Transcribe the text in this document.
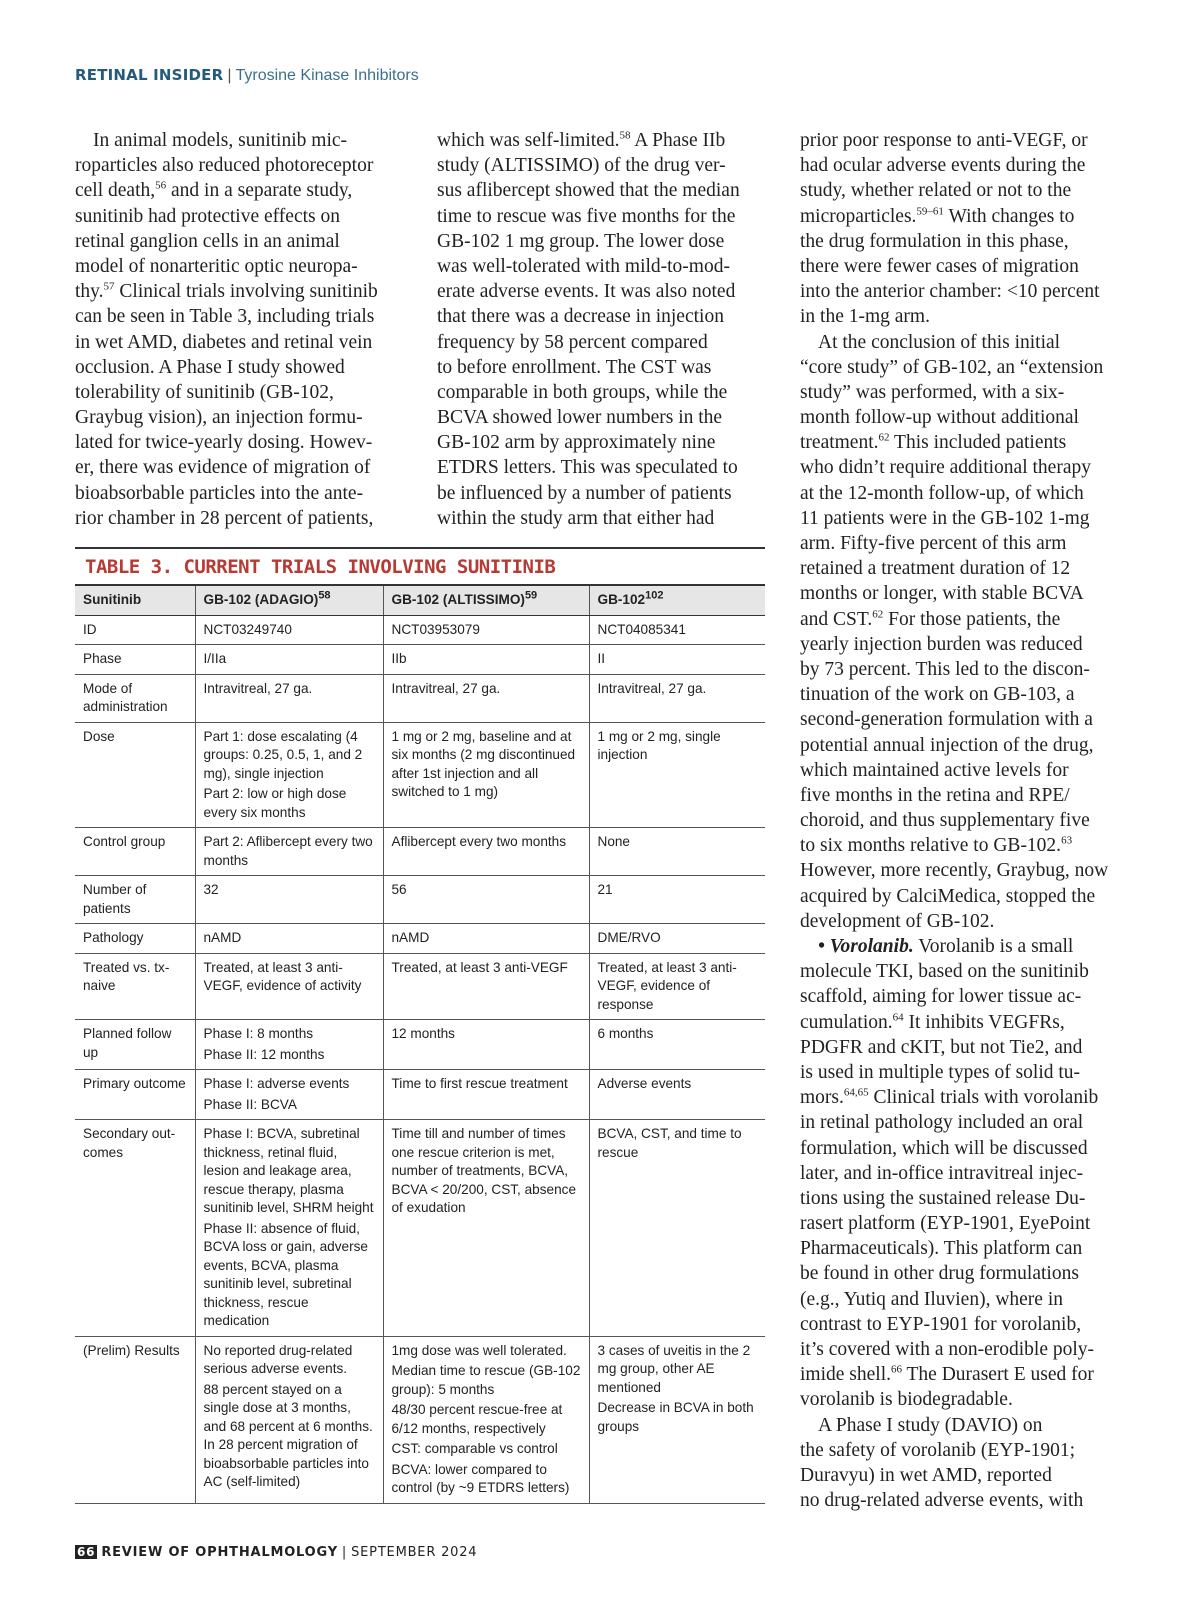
RETINAL INSIDER | Tyrosine Kinase Inhibitors
In animal models, sunitinib mic-
roparticles also reduced photoreceptor
cell death,$^{56}$ and in a separate study,
sunitinib had protective effects on
retinal ganglion cells in an animal
model of nonarteritic optic neuropa-
thy.$^{57}$ Clinical trials involving sunitinib
can be seen in Table 3, including trials
in wet AMD, diabetes and retinal vein
occlusion. A Phase I study showed
tolerability of sunitinib (GB-102,
Graybug vision), an injection formu-
lated for twice-yearly dosing. Howev-
er, there was evidence of migration of
bioabsorbable particles into the ante-
rior chamber in 28 percent of patients,
which was self-limited.$^{58}$ A Phase IIb
study (ALTISSIMO) of the drug ver-
sus aflibercept showed that the median
time to rescue was five months for the
GB-102 1 mg group. The lower dose
was well-tolerated with mild-to-mod-
erate adverse events. It was also noted
that there was a decrease in injection
frequency by 58 percent compared
to before enrollment. The CST was
comparable in both groups, while the
BCVA showed lower numbers in the
GB-102 arm by approximately nine
ETDRS letters. This was speculated to
be influenced by a number of patients
within the study arm that either had
prior poor response to anti-VEGF, or
had ocular adverse events during the
study, whether related or not to the
microparticles.$^{59-61}$ With changes to
the drug formulation in this phase,
there were fewer cases of migration
into the anterior chamber: <10 percent
in the 1-mg arm.
At the conclusion of this initial
“core study” of GB-102, an “extension
study” was performed, with a six-
month follow-up without additional
treatment.$^{62}$ This included patients
who didn’t require additional therapy
at the 12-month follow-up, of which
11 patients were in the GB-102 1-mg
arm. Fifty-five percent of this arm
retained a treatment duration of 12
months or longer, with stable BCVA
and CST.$^{62}$ For those patients, the
yearly injection burden was reduced
by 73 percent. This led to the discon-
tinuation of the work on GB-103, a
second-generation formulation with a
potential annual injection of the drug,
which maintained active levels for
five months in the retina and RPE/
choroid, and thus supplementary five
to six months relative to GB-102.63
However, more recently, Graybug, now
acquired by CalciMedica, stopped the
development of GB-102.
• Vorolanib. Vorolanib is a small
molecule TKI, based on the sunitinib
scaffold, aiming for lower tissue ac-
cumulation.$^{64}$ It inhibits VEGFRs,
PDGFR and cKIT, but not Tie2, and
is used in multiple types of solid tu-
mors.$^{64,65}$ Clinical trials with vorolanib
in retinal pathology included an oral
formulation, which will be discussed
later, and in-office intravitreal injec-
tions using the sustained release Du-
rasert platform (EYP-1901, EyePoint
Pharmaceuticals). This platform can
be found in other drug formulations
(e.g., Yutiq and Iluvien), where in
contrast to EYP-1901 for vorolanib,
it’s covered with a non-erodible poly-
imide shell.$^{66}$ The Durasert E used for
vorolanib is biodegradable.
A Phase I study (DAVIO) on
the safety of vorolanib (EYP-1901;
Duravyu) in wet AMD, reported
no drug-related adverse events, with
TABLE 3. CURRENT TRIALS INVOLVING SUNITINIB
Sunitinib	GB-102 (ADAGIO)$^{58}$	GB-102 (ALTISSIMO)$^{59}$	$GB-102^{102}$
ID	NCT03249740	NCT03953079	NCT04085341
Phase	I/IIa	IIb	II
Mode of administration	Intravitreal, 27 ga.	Intravitreal, 27 ga.	Intravitreal, 27 ga.
Dose	Part 1: dose escalating (4 groups: 0.25, 0.5, 1, and 2 mg), single injection
Part 2: low or high dose every six months	1 mg or 2 mg, baseline and at six months (2 mg discontinued after 1st injection and all switched to 1 mg)	1 mg or 2 mg, single injection
Control group	Part 2: Aflibercept every two months	Aflibercept every two months	None
Number of patients	32	56	21
Pathology	nAMD	nAMD	DME/RVO
Treated vs. tx-naive	Treated, at least 3 anti-VEGF, evidence of activity	Treated, at least 3 anti-VEGF	Treated, at least 3 anti-VEGF, evidence of response
Planned follow up	Phase I: 8 months
Phase II: 12 months	12 months	6 months
Primary outcome	Phase I: adverse events
Phase II: BCVA	Time to first rescue treatment	Adverse events
Secondary out-comes	Phase I: BCVA, subretinal thickness, retinal fluid, lesion and leakage area, rescue therapy, plasma sunitinib level, SHRM height
Phase II: absence of fluid, BCVA loss or gain, adverse events, BCVA, plasma sunitinib level, subretinal thickness, rescue medication	Time till and number of times one rescue criterion is met, number of treatments, BCVA, BCVA < 20/200, CST, absence of exudation	BCVA, CST, and time to rescue
(Prelim) Results	No reported drug-related serious adverse events.
88 percent stayed on a single dose at 3 months, and 68 percent at 6 months. In 28 percent migration of bioabsorbable particles into AC (self-limited)	1mg dose was well tolerated.
Median time to rescue (GB-102 group): 5 months
48/30 percent rescue-free at 6/12 months, respectively
CST: comparable vs control
BCVA: lower compared to control (by ~9 ETDRS letters)	3 cases of uveitis in the 2 mg group, other AE mentioned
Decrease in BCVA in both groups
66 REVIEW OF OPHTHALMOLOGY | SEPTEMBER 2024
